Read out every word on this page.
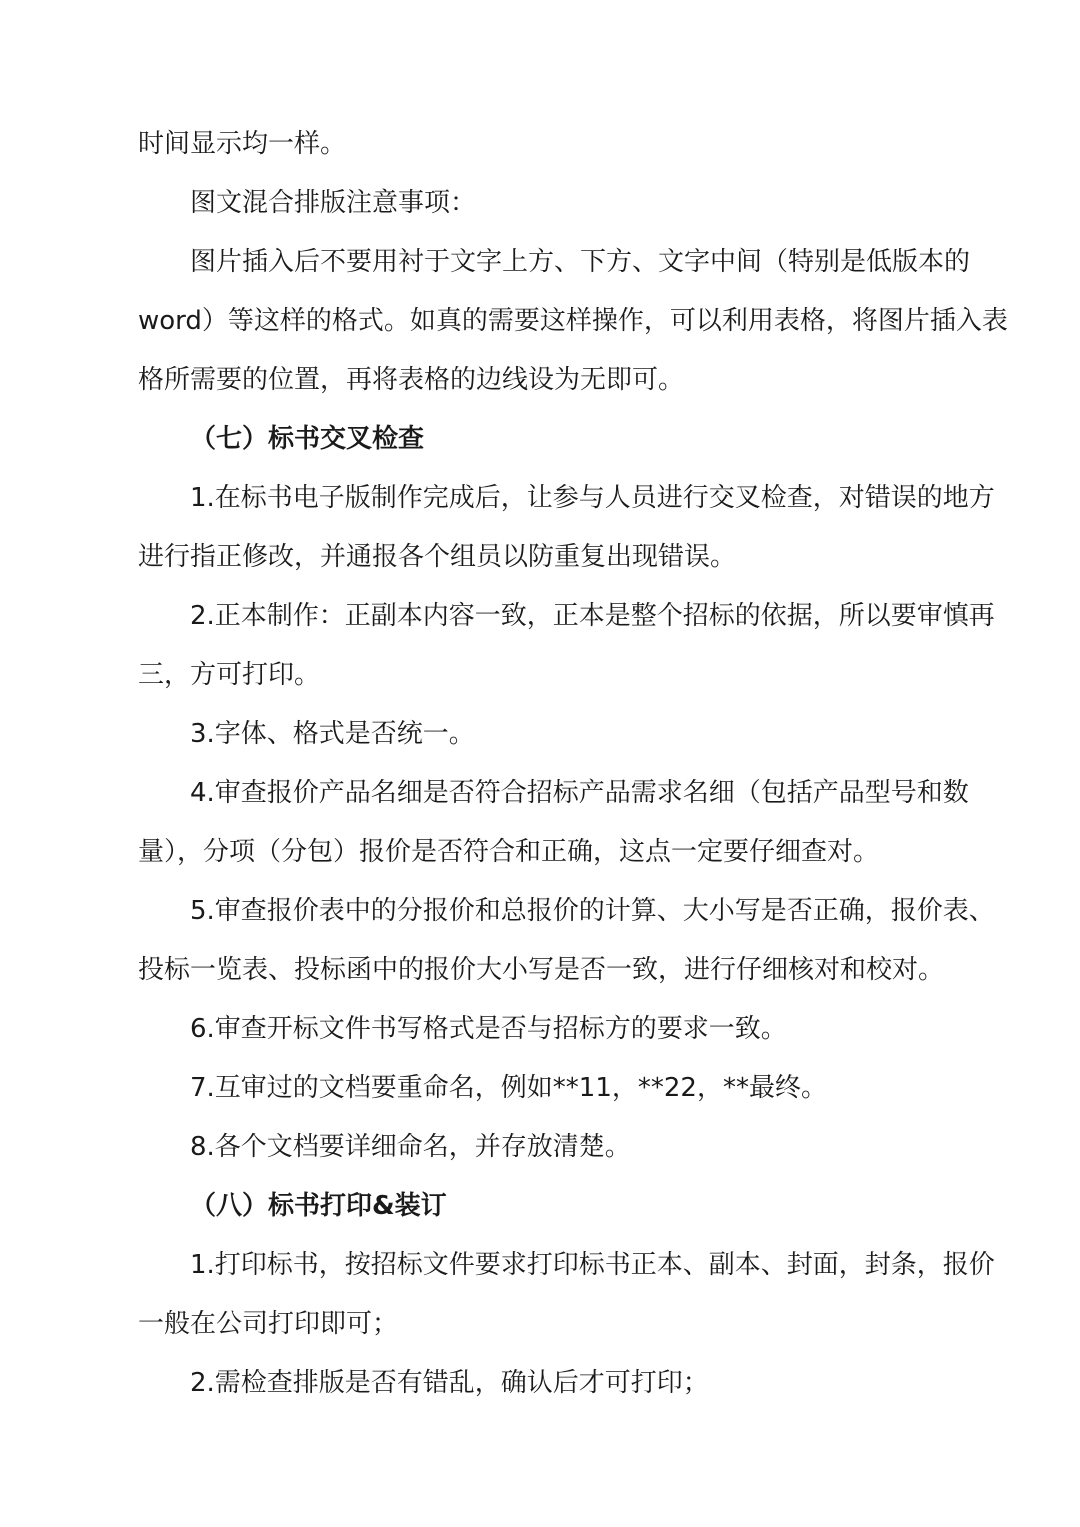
时间显示均一样。
图文混合排版注意事项：
图片插入后不要用衬于文字上方、下方、文字中间（特别是低版本的
word）等这样的格式。如真的需要这样操作，可以利用表格，将图片插入表
格所需要的位置，再将表格的边线设为无即可。
（七）标书交叉检查
1.在标书电子版制作完成后，让参与人员进行交叉检查，对错误的地方
进行指正修改，并通报各个组员以防重复出现错误。
2.正本制作：正副本内容一致，正本是整个招标的依据，所以要审慎再
三，方可打印。
3.字体、格式是否统一。
4.审查报价产品名细是否符合招标产品需求名细（包括产品型号和数
量），分项（分包）报价是否符合和正确，这点一定要仔细查对。
5.审查报价表中的分报价和总报价的计算、大小写是否正确，报价表、
投标一览表、投标函中的报价大小写是否一致，进行仔细核对和校对。
6.审查开标文件书写格式是否与招标方的要求一致。
7.互审过的文档要重命名，例如**11，**22，**最终。
8.各个文档要详细命名，并存放清楚。
（八）标书打印&装订
1.打印标书，按招标文件要求打印标书正本、副本、封面，封条，报价
一般在公司打印即可；
2.需检查排版是否有错乱，确认后才可打印；
